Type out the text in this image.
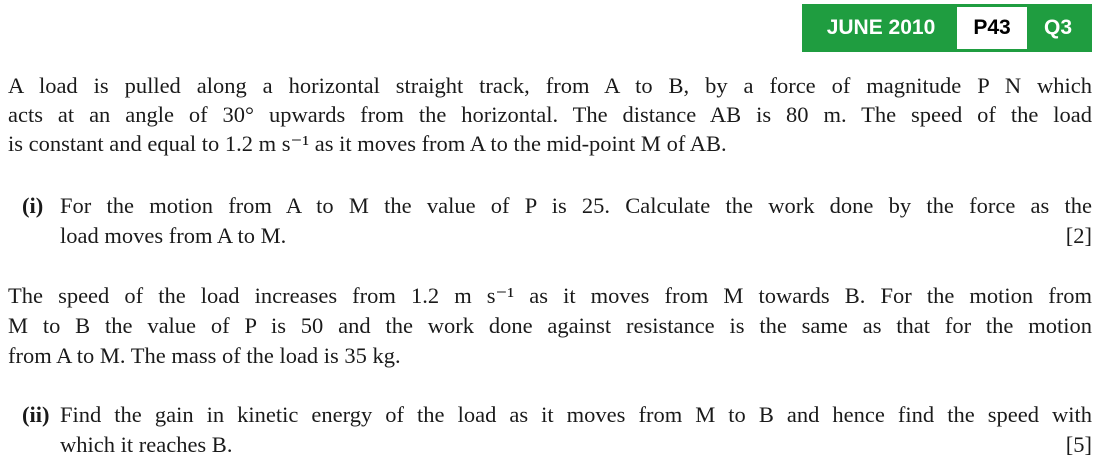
JUNE 2010	P43	Q3
A load is pulled along a horizontal straight track, from A to B, by a force of magnitude P N which
acts at an angle of 30° upwards from the horizontal. The distance AB is 80 m. The speed of the load
is constant and equal to 1.2 m s⁻¹ as it moves from A to the mid-point M of AB.
(i) For the motion from A to M the value of P is 25. Calculate the work done by the force as the
load moves from A to M.	[2]
The speed of the load increases from 1.2 m s⁻¹ as it moves from M towards B. For the motion from
M to B the value of P is 50 and the work done against resistance is the same as that for the motion
from A to M. The mass of the load is 35 kg.
(ii) Find the gain in kinetic energy of the load as it moves from M to B and hence find the speed with
which it reaches B.	[5]
